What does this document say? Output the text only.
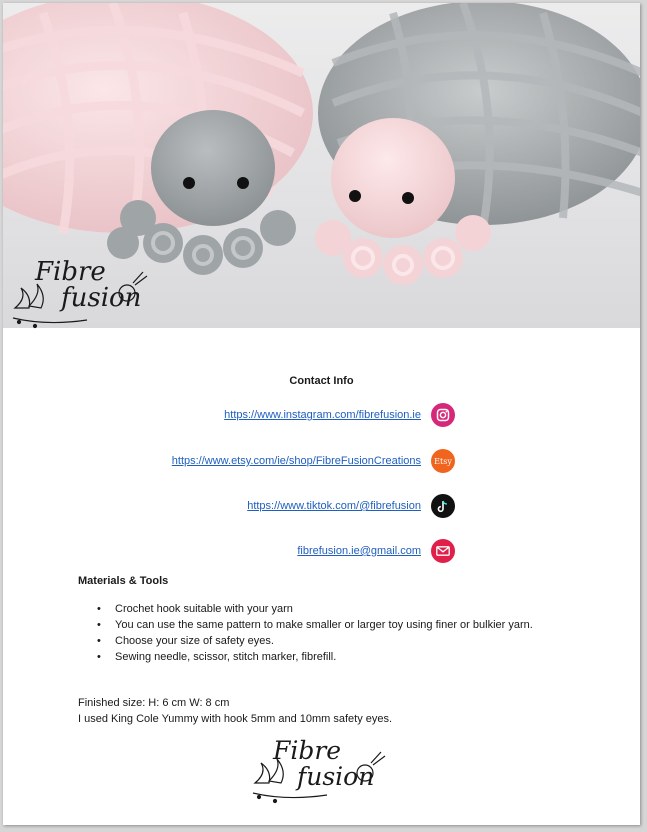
Fibre
fusion
Contact Info
https://www.instagram.com/fibrefusion.ie
https://www.etsy.com/ie/shop/FibreFusionCreations Etsy
https://www.tiktok.com/@fibrefusion
fibrefusion.ie@gmail.com
Materials & Tools
• Crochet hook suitable with your yarn
• You can use the same pattern to make smaller or larger toy using finer or bulkier yarn.
• Choose your size of safety eyes.
• Sewing needle, scissor, stitch marker, fibrefill.
Finished size: H: 6 cm W: 8 cm
I used King Cole Yummy with hook 5mm and 10mm safety eyes.
Fibre
fusion
